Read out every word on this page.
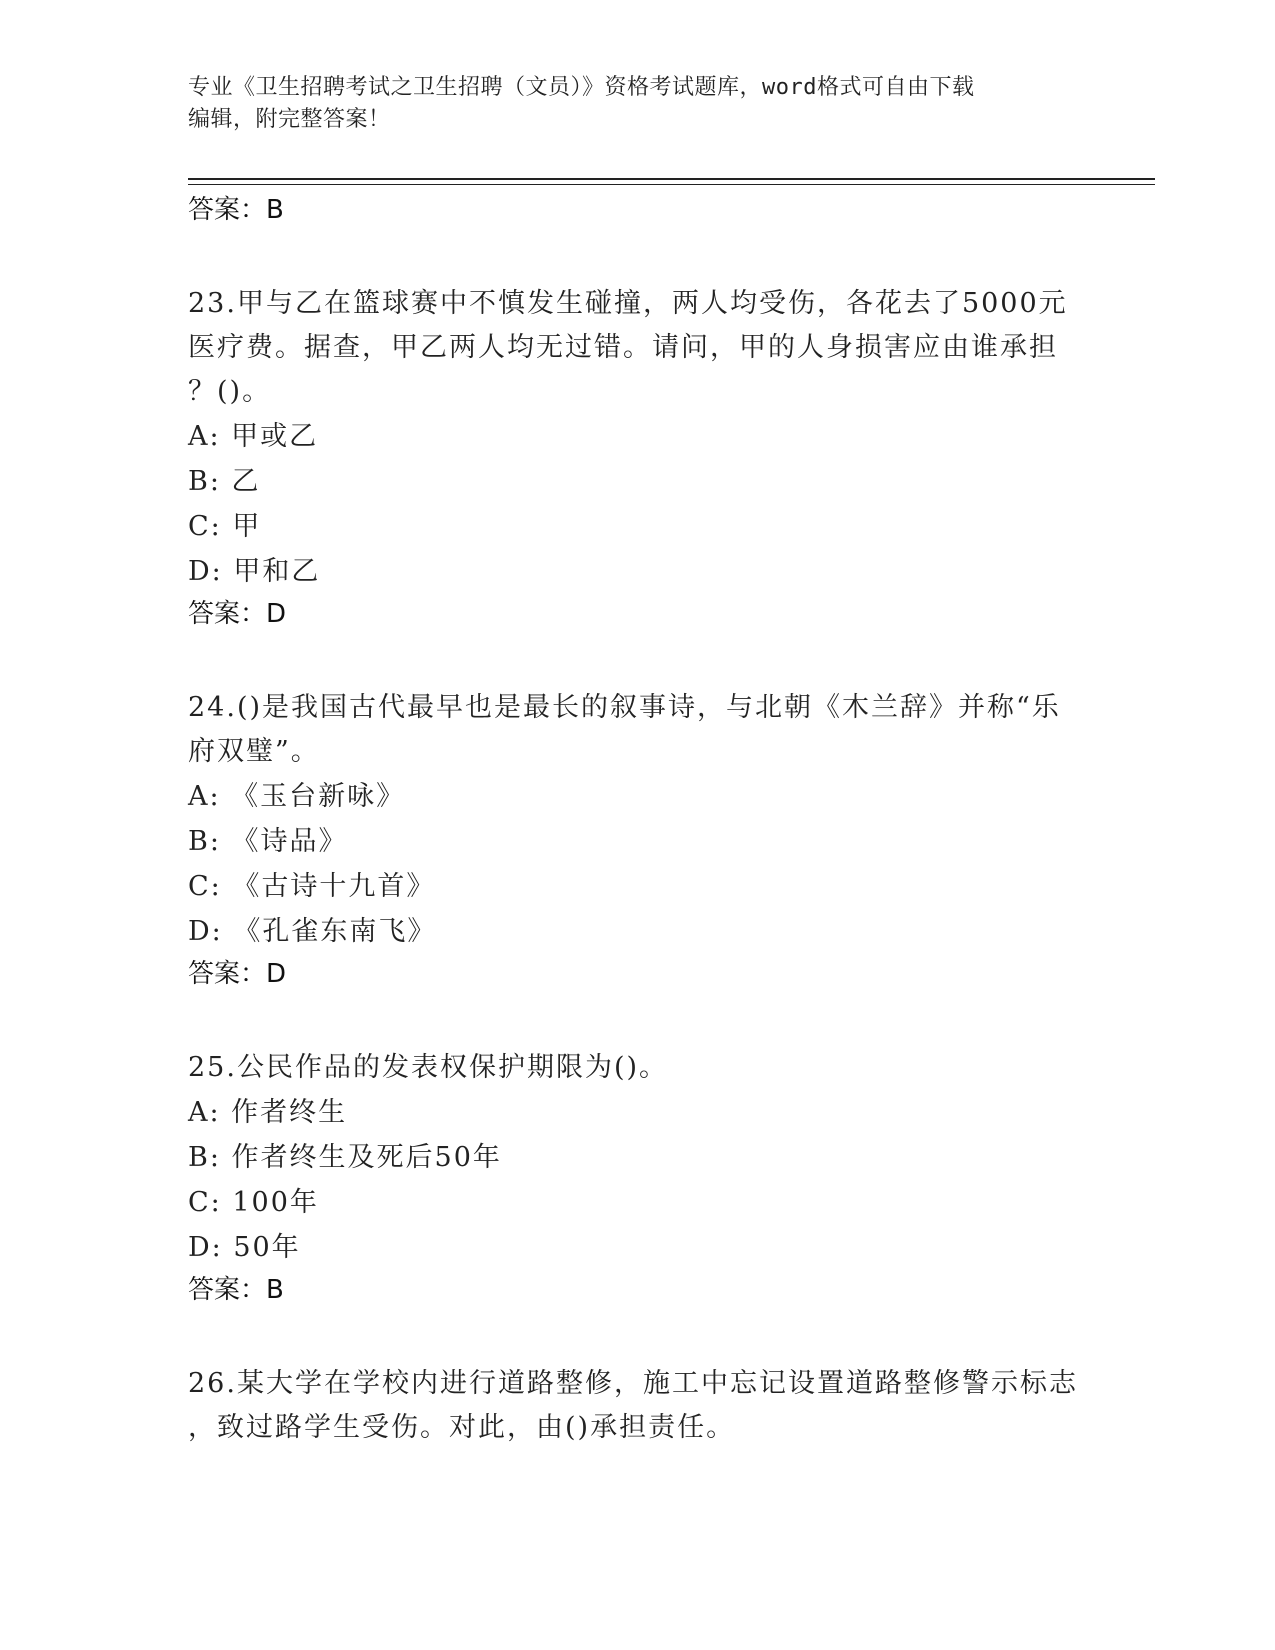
专业《卫生招聘考试之卫生招聘（文员）》资格考试题库，word格式可自由下载
编辑，附完整答案！

答案：B

23.甲与乙在篮球赛中不慎发生碰撞，两人均受伤，各花去了5000元

医疗费。据查，甲乙两人均无过错。请问，甲的人身损害应由谁承担

？()。

A: 甲或乙

B: 乙

C: 甲

D: 甲和乙

答案：D

24.()是我国古代最早也是最长的叙事诗，与北朝《木兰辞》并称“乐

府双璧”。

A: 《玉台新咏》

B: 《诗品》

C: 《古诗十九首》

D: 《孔雀东南飞》

答案：D

25.公民作品的发表权保护期限为()。

A: 作者终生

B: 作者终生及死后50年

C: 100年

D: 50年

答案：B

26.某大学在学校内进行道路整修，施工中忘记设置道路整修警示标志

，致过路学生受伤。对此，由()承担责任。
